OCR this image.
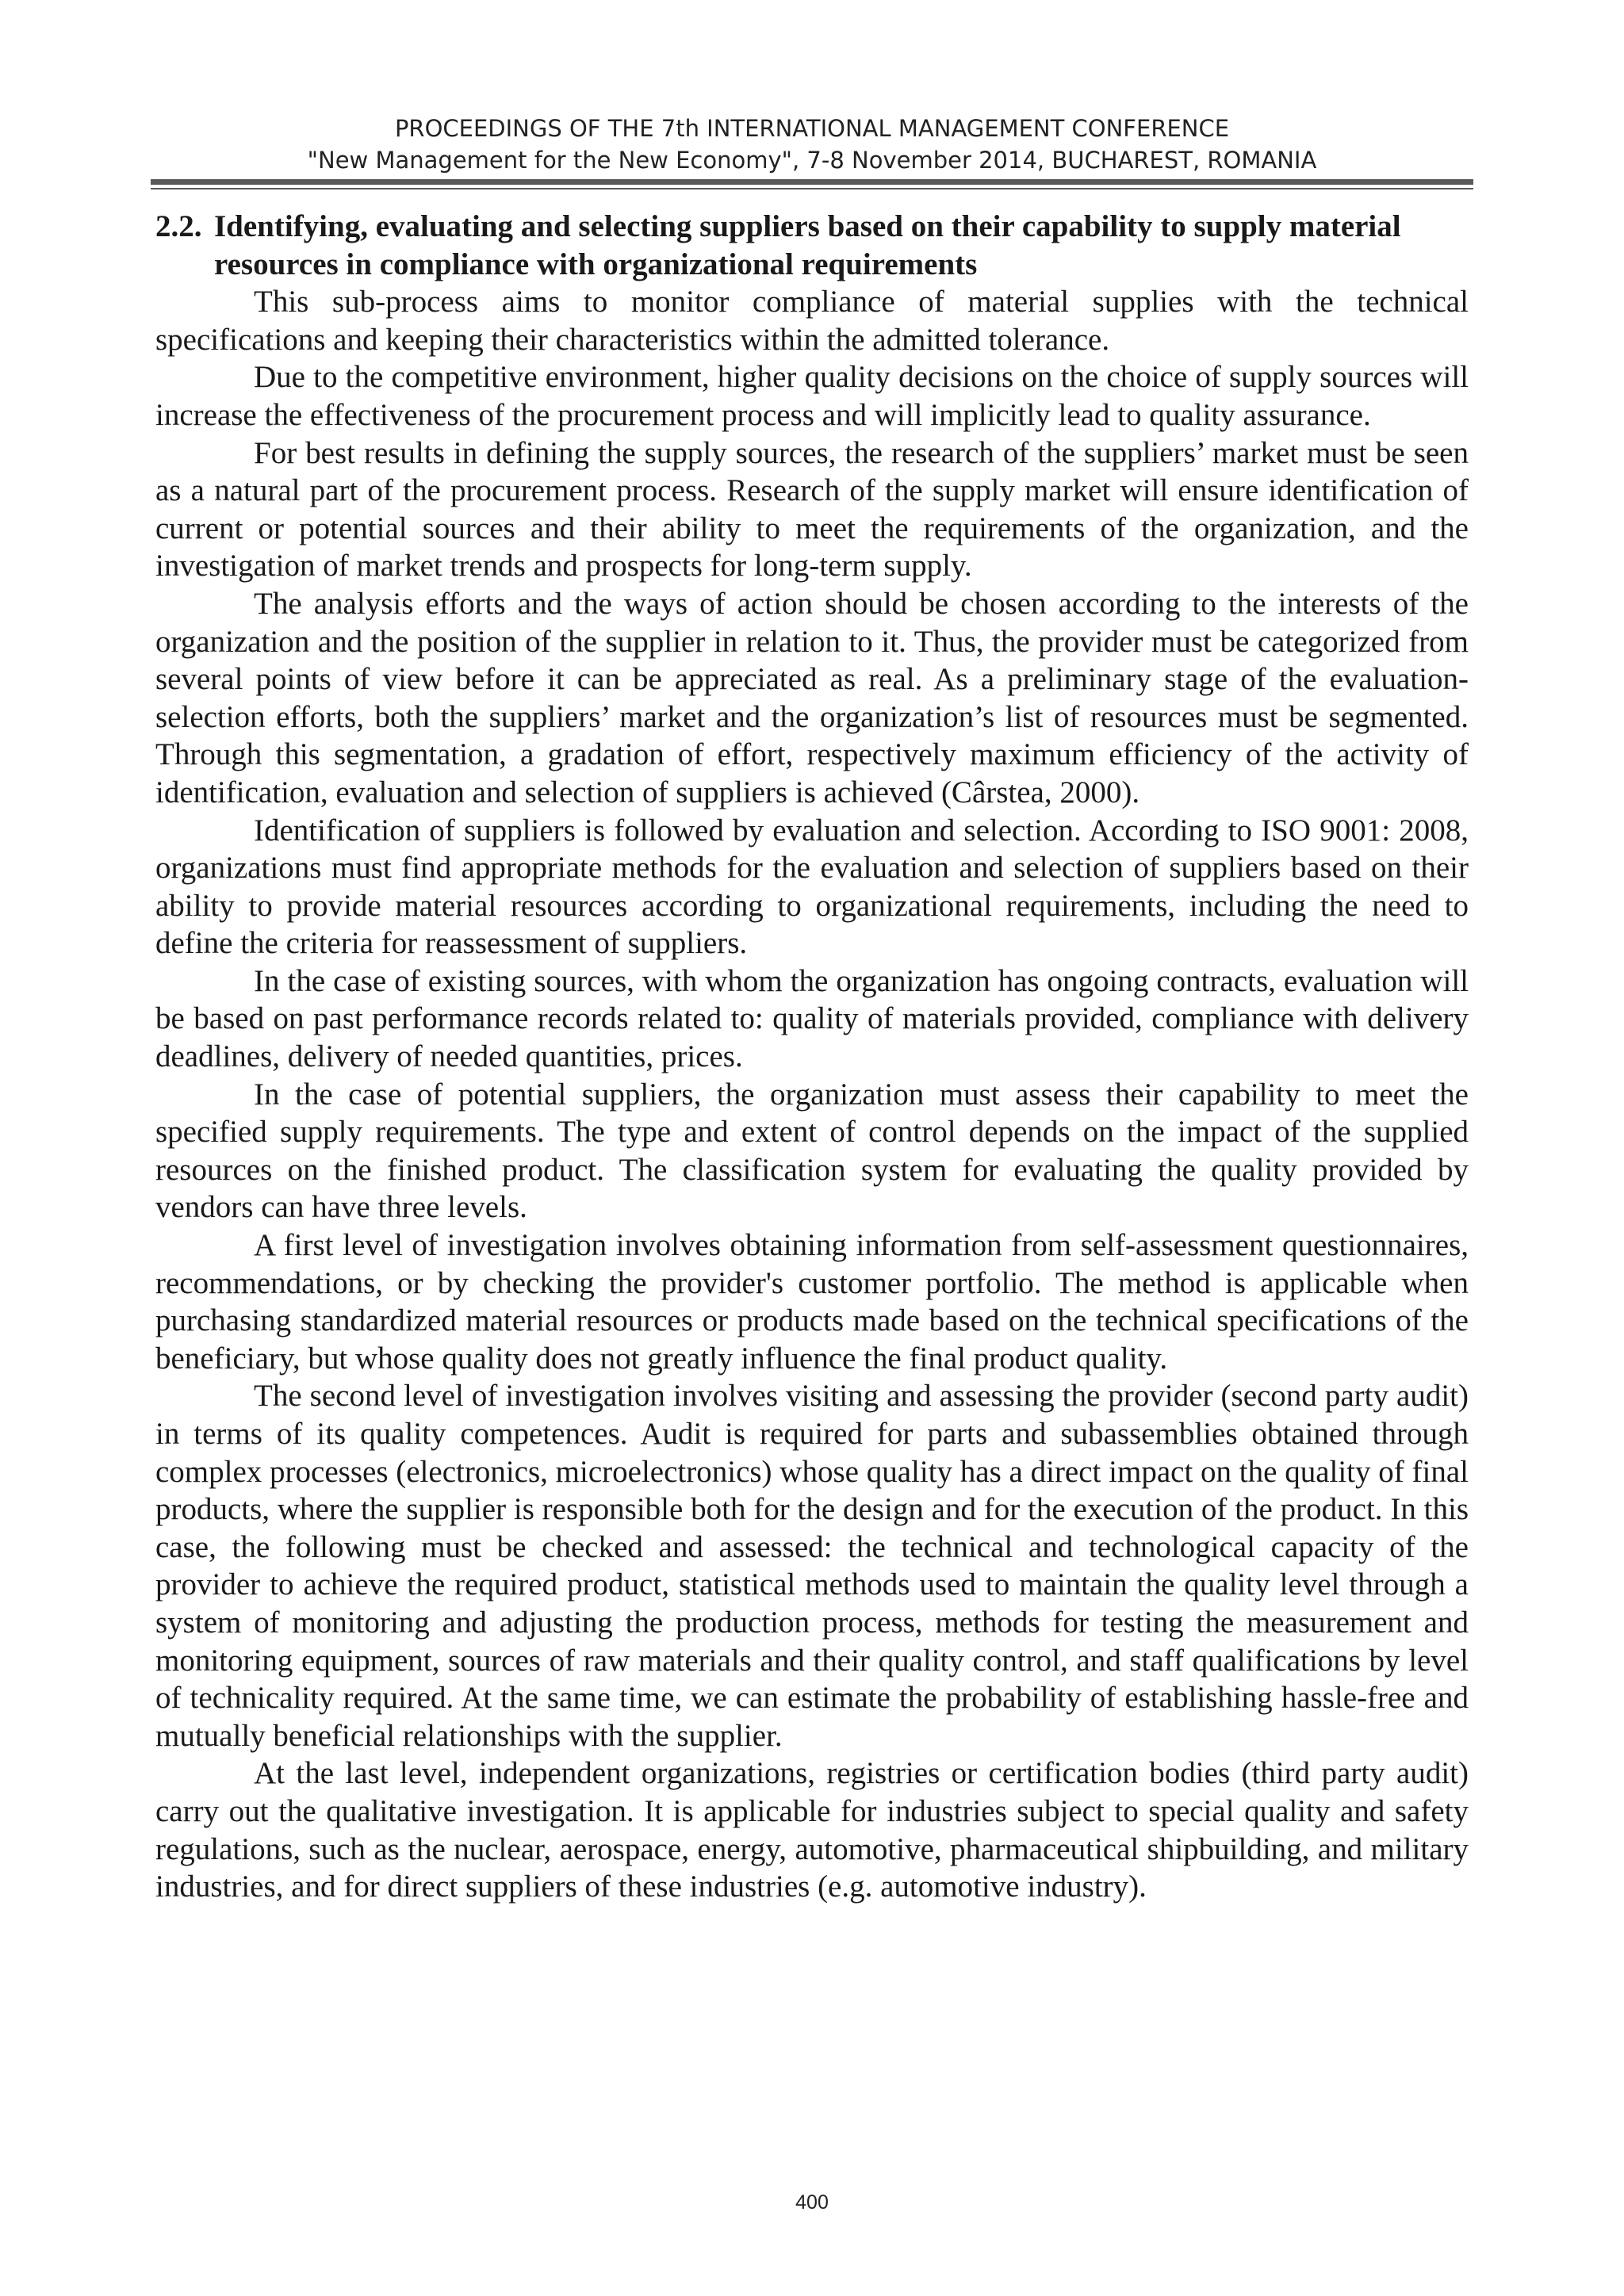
PROCEEDINGS OF THE 7th INTERNATIONAL MANAGEMENT CONFERENCE
"New Management for the New Economy", 7-8 November 2014, BUCHAREST, ROMANIA
2.2. Identifying, evaluating and selecting suppliers based on their capability to supply material resources in compliance with organizational requirements

This sub-process aims to monitor compliance of material supplies with the technical specifications and keeping their characteristics within the admitted tolerance.

Due to the competitive environment, higher quality decisions on the choice of supply sources will increase the effectiveness of the procurement process and will implicitly lead to quality assurance.

For best results in defining the supply sources, the research of the suppliers’ market must be seen as a natural part of the procurement process. Research of the supply market will ensure identification of current or potential sources and their ability to meet the requirements of the organization, and the investigation of market trends and prospects for long-term supply.

The analysis efforts and the ways of action should be chosen according to the interests of the organization and the position of the supplier in relation to it. Thus, the provider must be categorized from several points of view before it can be appreciated as real. As a preliminary stage of the evaluation-selection efforts, both the suppliers’ market and the organization’s list of resources must be segmented. Through this segmentation, a gradation of effort, respectively maximum efficiency of the activity of identification, evaluation and selection of suppliers is achieved (Cârstea, 2000).

Identification of suppliers is followed by evaluation and selection. According to ISO 9001: 2008, organizations must find appropriate methods for the evaluation and selection of suppliers based on their ability to provide material resources according to organizational requirements, including the need to define the criteria for reassessment of suppliers.

In the case of existing sources, with whom the organization has ongoing contracts, evaluation will be based on past performance records related to: quality of materials provided, compliance with delivery deadlines, delivery of needed quantities, prices.

In the case of potential suppliers, the organization must assess their capability to meet the specified supply requirements. The type and extent of control depends on the impact of the supplied resources on the finished product. The classification system for evaluating the quality provided by vendors can have three levels.

A first level of investigation involves obtaining information from self-assessment questionnaires, recommendations, or by checking the provider's customer portfolio. The method is applicable when purchasing standardized material resources or products made based on the technical specifications of the beneficiary, but whose quality does not greatly influence the final product quality.

The second level of investigation involves visiting and assessing the provider (second party audit) in terms of its quality competences. Audit is required for parts and subassemblies obtained through complex processes (electronics, microelectronics) whose quality has a direct impact on the quality of final products, where the supplier is responsible both for the design and for the execution of the product. In this case, the following must be checked and assessed: the technical and technological capacity of the provider to achieve the required product, statistical methods used to maintain the quality level through a system of monitoring and adjusting the production process, methods for testing the measurement and monitoring equipment, sources of raw materials and their quality control, and staff qualifications by level of technicality required. At the same time, we can estimate the probability of establishing hassle-free and mutually beneficial relationships with the supplier.

At the last level, independent organizations, registries or certification bodies (third party audit) carry out the qualitative investigation. It is applicable for industries subject to special quality and safety regulations, such as the nuclear, aerospace, energy, automotive, pharmaceutical shipbuilding, and military industries, and for direct suppliers of these industries (e.g. automotive industry).

400
